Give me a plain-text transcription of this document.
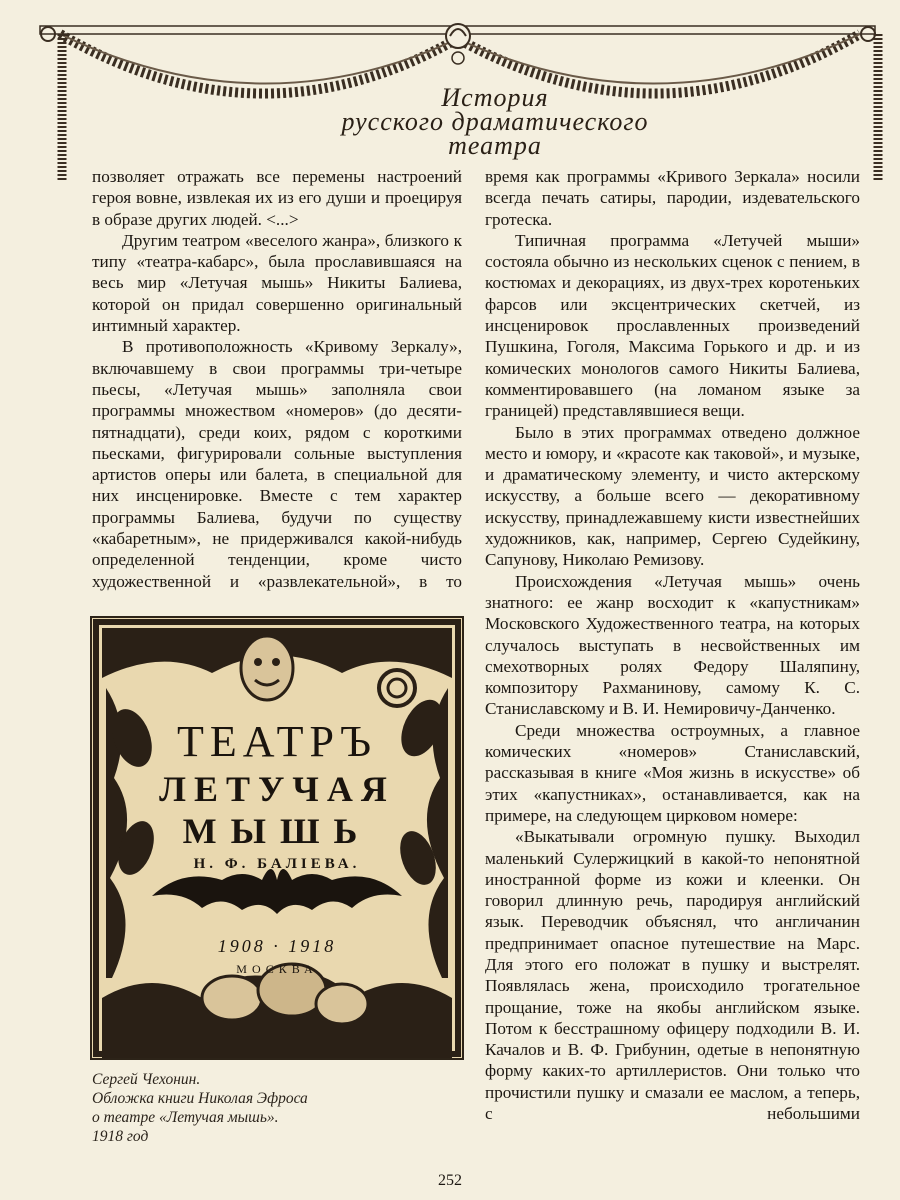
История
русского драматического
театра

позволяет отражать все перемены настроений героя вовне, извлекая их из его души и проецируя в образе других людей. <...>

Другим театром «веселого жанра», близкого к типу «театра-кабарс», была прославившаяся на весь мир «Летучая мышь» Никиты Балиева, которой он придал совершенно оригинальный интимный характер.

В противоположность «Кривому Зеркалу», включавшему в свои программы три-четыре пьесы, «Летучая мышь» заполняла свои программы множеством «номеров» (до десяти-пятнадцати), среди коих, рядом с короткими пьесками, фигурировали сольные выступления артистов оперы или балета, в специальной для них инсценировке. Вместе с тем характер программы Балиева, будучи по существу «кабаретным», не придерживался какой-нибудь определенной тенденции, кроме чисто художественной и «развлекательной», в то

время как программы «Кривого Зеркала» носили всегда печать сатиры, пародии, издевательского гротеска.

Типичная программа «Летучей мыши» состояла обычно из нескольких сценок с пением, в костюмах и декорациях, из двух-трех коротеньких фарсов или эксцентрических скетчей, из инсценировок прославленных произведений Пушкина, Гоголя, Максима Горького и др. и из комических монологов самого Никиты Балиева, комментировавшего (на ломаном языке за границей) представлявшиеся вещи.

Было в этих программах отведено должное место и юмору, и «красоте как таковой», и музыке, и драматическому элементу, и чисто актерскому искусству, а больше всего — декоративному искусству, принадлежавшему кисти известнейших художников, как, например, Сергею Судейкину, Сапунову, Николаю Ремизову.

Происхождения «Летучая мышь» очень знатного: ее жанр восходит к «капустникам» Московского Художественного театра, на которых случалось выступать в несвойственных им смехотворных ролях Федору Шаляпину, композитору Рахманинову, самому К. С. Станиславскому и В. И. Немировичу-Данченко.

Среди множества остроумных, а главное комических «номеров» Станиславский, рассказывая в книге «Моя жизнь в искусстве» об этих «капустниках», останавливается, как на примере, на следующем цирковом номере:

«Выкатывали огромную пушку. Выходил маленький Сулержицкий в какой-то непонятной иностранной форме из кожи и клеенки. Он говорил длинную речь, пародируя английский язык. Переводчик объяснял, что англичанин предпринимает опасное путешествие на Марс. Для этого его положат в пушку и выстрелят. Появлялась жена, происходило трогательное прощание, тоже на якобы английском языке. Потом к бесстрашному офицеру подходили В. И. Качалов и В. Ф. Грибунин, одетые в непонятную форму каких-то артиллеристов. Они только что прочистили пушку и смазали ее маслом, а теперь, с небольшими

ТЕАТРЪ
ЛЕТУЧАЯ
МЫШЬ
Н. Ф. БАЛІЕВА.
1908 · 1918
МОСКВА
Сергей Чехонин.
Обложка книги Николая Эфроса
о театре «Летучая мышь».
1918 год
252
